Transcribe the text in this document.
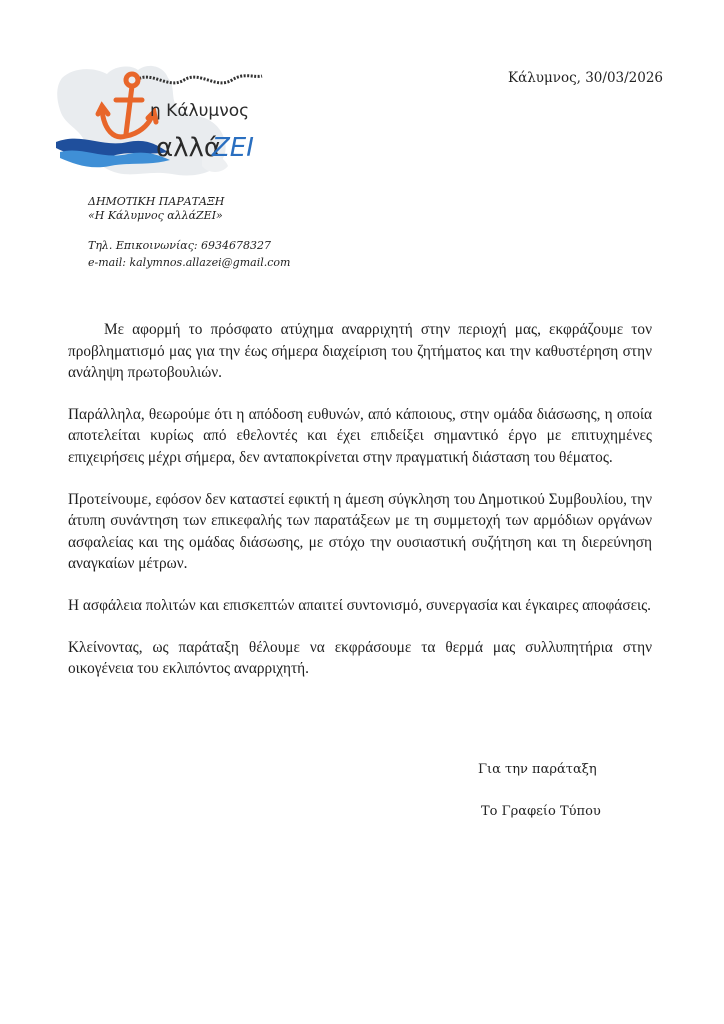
η Κάλυμνος
αλλά
ΖΕΙ
Κάλυμνος, 30/03/2026
ΔΗΜΟΤΙΚΗ ΠΑΡΑΤΑΞΗ
«Η Κάλυμνος αλλάΖΕΙ»
Τηλ. Επικοινωνίας: 6934678327
e-mail: kalymnos.allazei@gmail.com

Με αφορμή το πρόσφατο ατύχημα αναρριχητή στην περιοχή μας, εκφράζουμε τον προβληματισμό μας για την έως σήμερα διαχείριση του ζητήματος και την καθυστέρηση στην ανάληψη πρωτοβουλιών.

Παράλληλα, θεωρούμε ότι η απόδοση ευθυνών, από κάποιους, στην ομάδα διάσωσης, η οποία αποτελείται κυρίως από εθελοντές και έχει επιδείξει σημαντικό έργο με επιτυχημένες επιχειρήσεις μέχρι σήμερα, δεν ανταποκρίνεται στην πραγματική διάσταση του θέματος.

Προτείνουμε, εφόσον δεν καταστεί εφικτή η άμεση σύγκληση του Δημοτικού Συμβουλίου, την άτυπη συνάντηση των επικεφαλής των παρατάξεων με τη συμμετοχή των αρμόδιων οργάνων ασφαλείας και της ομάδας διάσωσης, με στόχο την ουσιαστική συζήτηση και τη διερεύνηση αναγκαίων μέτρων.

Η ασφάλεια πολιτών και επισκεπτών απαιτεί συντονισμό, συνεργασία και έγκαιρες αποφάσεις.

Κλείνοντας, ως παράταξη θέλουμε να εκφράσουμε τα θερμά μας συλλυπητήρια στην οικογένεια του εκλιπόντος αναρριχητή.

Για την παράταξη
Το Γραφείο Τύπου
